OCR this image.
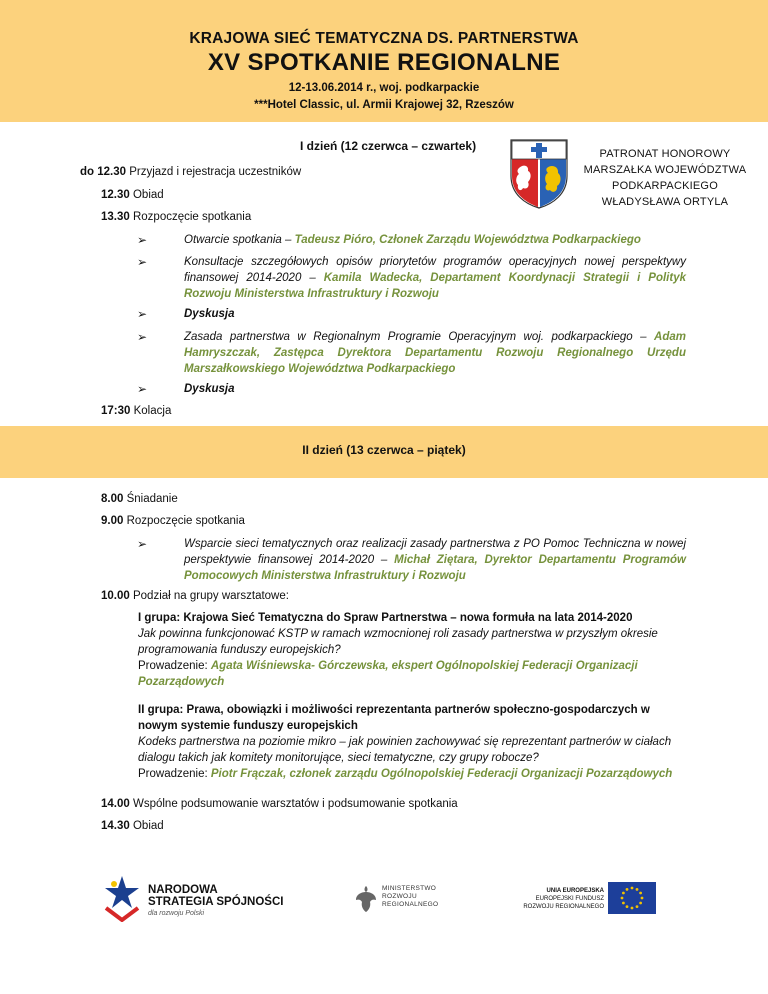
KRAJOWA SIEĆ TEMATYCZNA DS. PARTNERSTWA
XV SPOTKANIE REGIONALNE
12-13.06.2014 r., woj. podkarpackie
***Hotel Classic, ul. Armii Krajowej 32, Rzeszów
I dzień (12 czerwca – czwartek)
PATRONAT HONOROWY
MARSZAŁKA WOJEWÓDZTWA
PODKARPACKIEGO
WŁADYSŁAWA ORTYLA
do 12.30 Przyjazd i rejestracja uczestników
12.30 Obiad
13.30 Rozpoczęcie spotkania
➢	Otwarcie spotkania – Tadeusz Pióro, Członek Zarządu Województwa Podkarpackiego
➢	Konsultacje szczegółowych opisów priorytetów programów operacyjnych nowej perspektywy finansowej 2014-2020 – Kamila Wadecka, Departament Koordynacji Strategii i Polityk Rozwoju Ministerstwa Infrastruktury i Rozwoju
➢	Dyskusja
➢	Zasada partnerstwa w Regionalnym Programie Operacyjnym woj. podkarpackiego – Adam Hamryszczak, Zastępca Dyrektora Departamentu Rozwoju Regionalnego Urzędu Marszałkowskiego Województwa Podkarpackiego
➢	Dyskusja
17:30 Kolacja
II dzień (13 czerwca – piątek)
8.00 Śniadanie
9.00 Rozpoczęcie spotkania
➢	Wsparcie sieci tematycznych oraz realizacji zasady partnerstwa z PO Pomoc Techniczna w nowej perspektywie finansowej 2014-2020 – Michał Ziętara, Dyrektor Departamentu Programów Pomocowych Ministerstwa Infrastruktury i Rozwoju
10.00 Podział na grupy warsztatowe:
I grupa: Krajowa Sieć Tematyczna do Spraw Partnerstwa – nowa formuła na lata 2014-2020
Jak powinna funkcjonować KSTP w ramach wzmocnionej roli zasady partnerstwa w przyszłym okresie programowania funduszy europejskich?
Prowadzenie: Agata Wiśniewska- Górczewska, ekspert Ogólnopolskiej Federacji Organizacji Pozarządowych
II grupa: Prawa, obowiązki i możliwości reprezentanta partnerów społeczno-gospodarczych w nowym systemie funduszy europejskich
Kodeks partnerstwa na poziomie mikro – jak powinien zachowywać się reprezentant partnerów w ciałach dialogu takich jak komitety monitorujące, sieci tematyczne, czy grupy robocze?
Prowadzenie: Piotr Frączak, członek zarządu Ogólnopolskiej Federacji Organizacji Pozarządowych
14.00 Wspólne podsumowanie warsztatów i podsumowanie spotkania
14.30 Obiad
NARODOWA
STRATEGIA SPÓJNOŚCI
dla rozwoju Polski
MINISTERSTWO
ROZWOJU
REGIONALNEGO
UNIA EUROPEJSKA
EUROPEJSKI FUNDUSZ
ROZWOJU REGIONALNEGO
